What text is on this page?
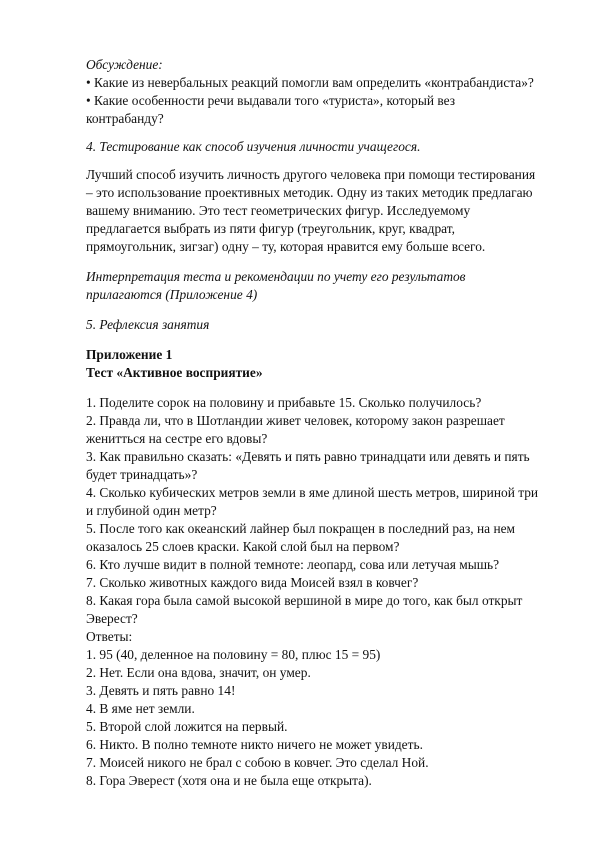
Обсуждение:

• Какие из невербальных реакций помогли вам определить «контрабандиста»?

• Какие особенности речи выдавали того «туриста», который вез

контрабанду?

4. Тестирование как способ изучения личности учащегося.

Лучший способ изучить личность другого человека при помощи тестирования

– это использование проективных методик. Одну из таких методик предлагаю

вашему вниманию. Это тест геометрических фигур. Исследуемому

предлагается выбрать из пяти фигур (треугольник, круг, квадрат,

прямоугольник, зигзаг) одну – ту, которая нравится ему больше всего.

Интерпретация теста и рекомендации по учету его результатов

прилагаются (Приложение 4)

5. Рефлексия занятия

Приложение 1

Тест «Активное восприятие»

1. Поделите сорок на половину и прибавьте 15. Сколько получилось?

2. Правда ли, что в Шотландии живет человек, которому закон разрешает

женитться на сестре его вдовы?

3. Как правильно сказать: «Девять и пять равно тринадцати или девять и пять

будет тринадцать»?

4. Сколько кубических метров земли в яме длиной шесть метров, шириной три

и глубиной один метр?

5. После того как океанский лайнер был покращен в последний раз, на нем

оказалось 25 слоев краски. Какой слой был на первом?

6. Кто лучше видит в полной темноте: леопард, сова или летучая мышь?

7. Сколько животных каждого вида Моисей взял в ковчег?

8. Какая гора была самой высокой вершиной в мире до того, как был открыт

Эверест?

Ответы:

1. 95 (40, деленное на половину = 80, плюс 15 = 95)

2. Нет. Если она вдова, значит, он умер.

3. Девять и пять равно 14!

4. В яме нет земли.

5. Второй слой ложится на первый.

6. Никто. В полно темноте никто ничего не может увидеть.

7. Моисей никого не брал с собою в ковчег. Это сделал Ной.

8. Гора Эверест (хотя она и не была еще открыта).
